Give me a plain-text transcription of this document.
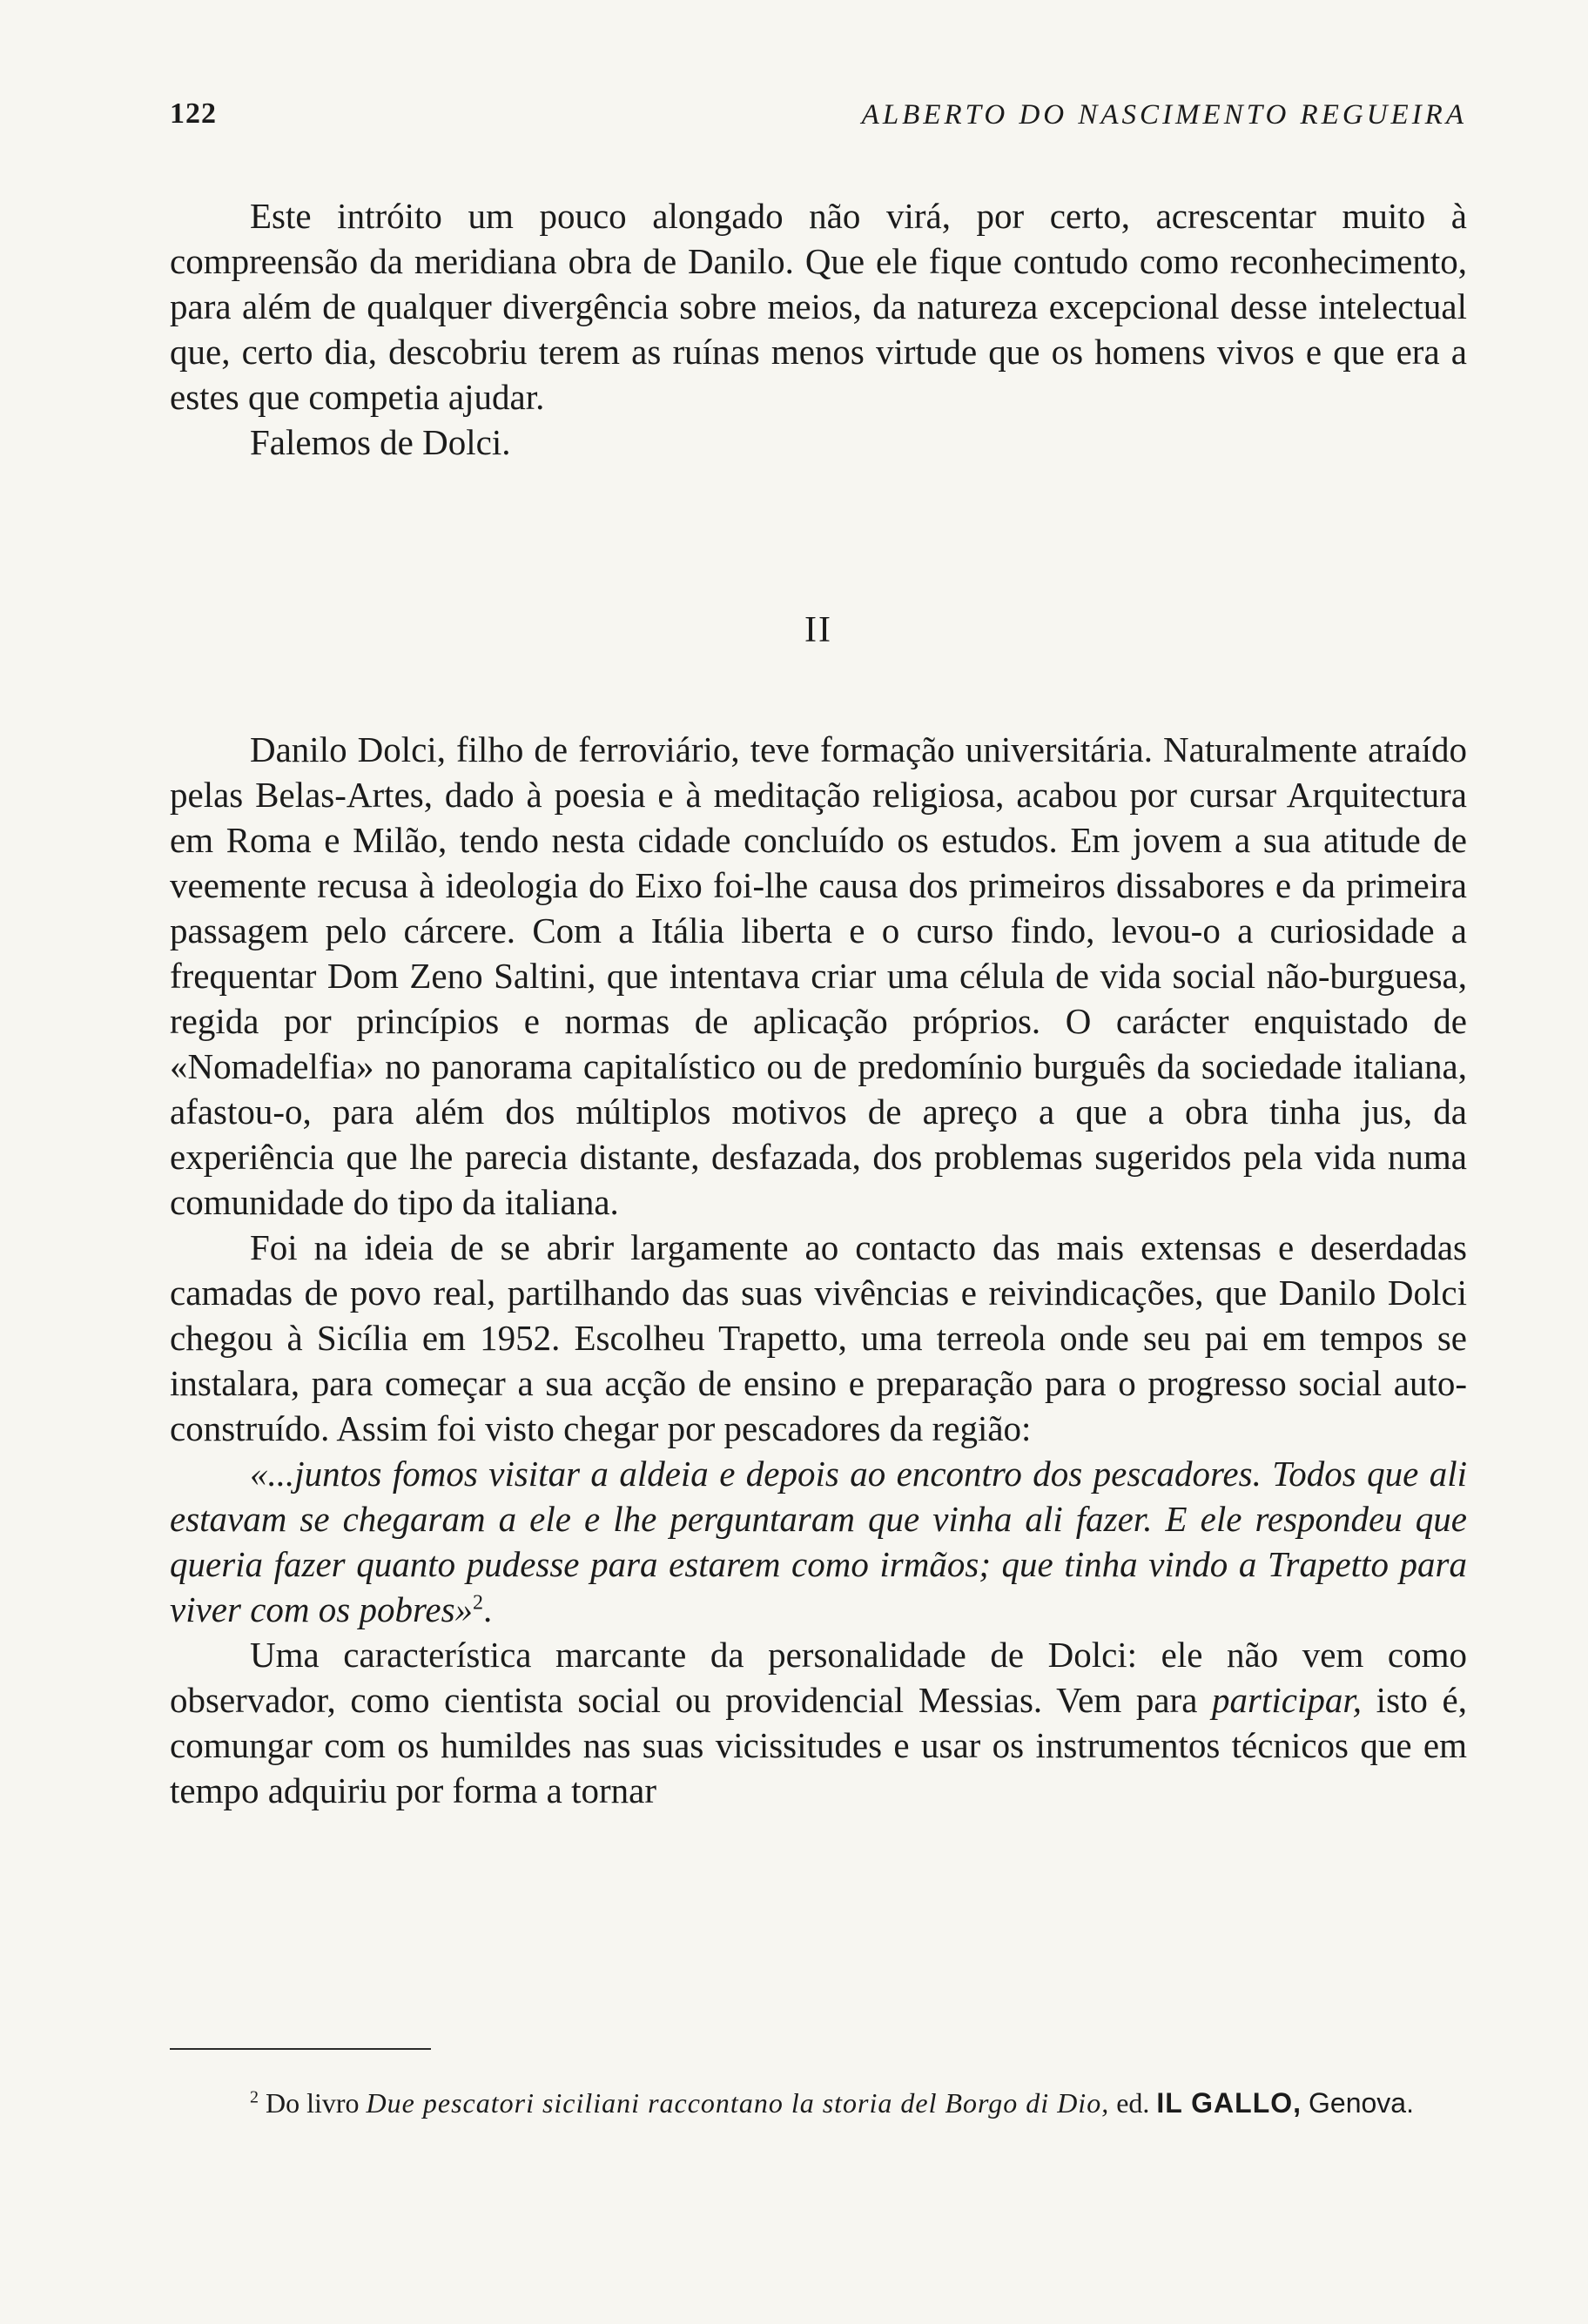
122	ALBERTO DO NASCIMENTO REGUEIRA

Este intróito um pouco alongado não virá, por certo, acrescentar muito à compreensão da meridiana obra de Danilo. Que ele fique contudo como reconhecimento, para além de qualquer divergência sobre meios, da natureza excepcional desse intelectual que, certo dia, descobriu terem as ruínas menos virtude que os homens vivos e que era a estes que competia ajudar.

Falemos de Dolci.

II

Danilo Dolci, filho de ferroviário, teve formação universitária. Naturalmente atraído pelas Belas-Artes, dado à poesia e à meditação religiosa, acabou por cursar Arquitectura em Roma e Milão, tendo nesta cidade concluído os estudos. Em jovem a sua atitude de veemente recusa à ideologia do Eixo foi-lhe causa dos primeiros dissabores e da primeira passagem pelo cárcere. Com a Itália liberta e o curso findo, levou-o a curiosidade a frequentar Dom Zeno Saltini, que intentava criar uma célula de vida social não-burguesa, regida por princípios e normas de aplicação próprios. O carácter enquistado de «Nomadelfia» no panorama capitalístico ou de predomínio burguês da sociedade italiana, afastou-o, para além dos múltiplos motivos de apreço a que a obra tinha jus, da experiência que lhe parecia distante, desfazada, dos problemas sugeridos pela vida numa comunidade do tipo da italiana.

Foi na ideia de se abrir largamente ao contacto das mais extensas e deserdadas camadas de povo real, partilhando das suas vivências e reivindicações, que Danilo Dolci chegou à Sicília em 1952. Escolheu Trapetto, uma terreola onde seu pai em tempos se instalara, para começar a sua acção de ensino e preparação para o progresso social auto-construído. Assim foi visto chegar por pescadores da região:

«...juntos fomos visitar a aldeia e depois ao encontro dos pescadores. Todos que ali estavam se chegaram a ele e lhe perguntaram que vinha ali fazer. E ele respondeu que queria fazer quanto pudesse para estarem como irmãos; que tinha vindo a Trapetto para viver com os pobres»$^2$.

Uma característica marcante da personalidade de Dolci: ele não vem como observador, como cientista social ou providencial Messias. Vem para participar, isto é, comungar com os humildes nas suas vicissitudes e usar os instrumentos técnicos que em tempo adquiriu por forma a tornar

$^2$ Do livro Due pescatori siciliani raccontano la storia del Borgo di Dio, ed. IL GALLO, Genova.
